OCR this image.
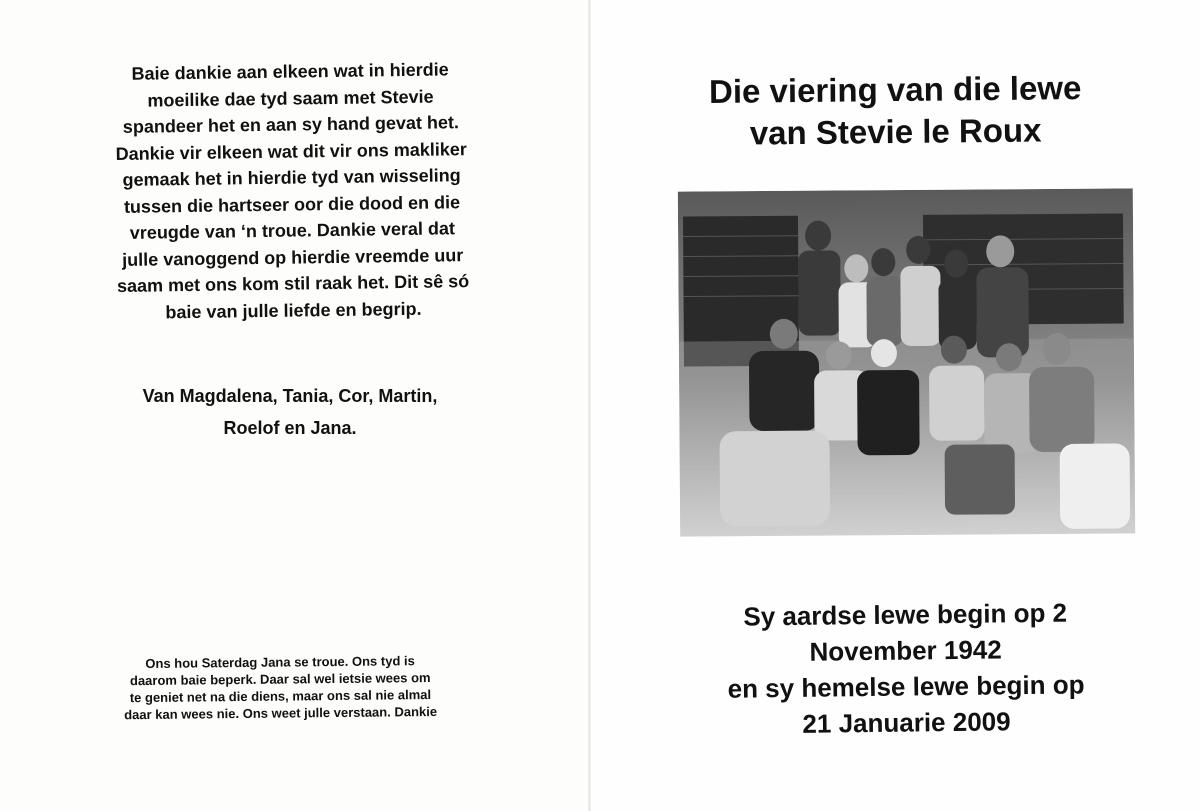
Baie dankie aan elkeen wat in hierdie
moeilike dae tyd saam met Stevie
spandeer het en aan sy hand gevat het.
Dankie vir elkeen wat dit vir ons makliker
gemaak het in hierdie tyd van wisseling
tussen die hartseer oor die dood en die
vreugde van ‘n troue. Dankie veral dat
julle vanoggend op hierdie vreemde uur
saam met ons kom stil raak het. Dit sê só
baie van julle liefde en begrip.
Van Magdalena, Tania, Cor, Martin,
Roelof en Jana.
Ons hou Saterdag Jana se troue. Ons tyd is
daarom baie beperk. Daar sal wel ietsie wees om
te geniet net na die diens, maar ons sal nie almal
daar kan wees nie. Ons weet julle verstaan. Dankie
Die viering van die lewe
van Stevie le Roux
Sy aardse lewe begin op 2
November 1942
en sy hemelse lewe begin op
21 Januarie 2009
